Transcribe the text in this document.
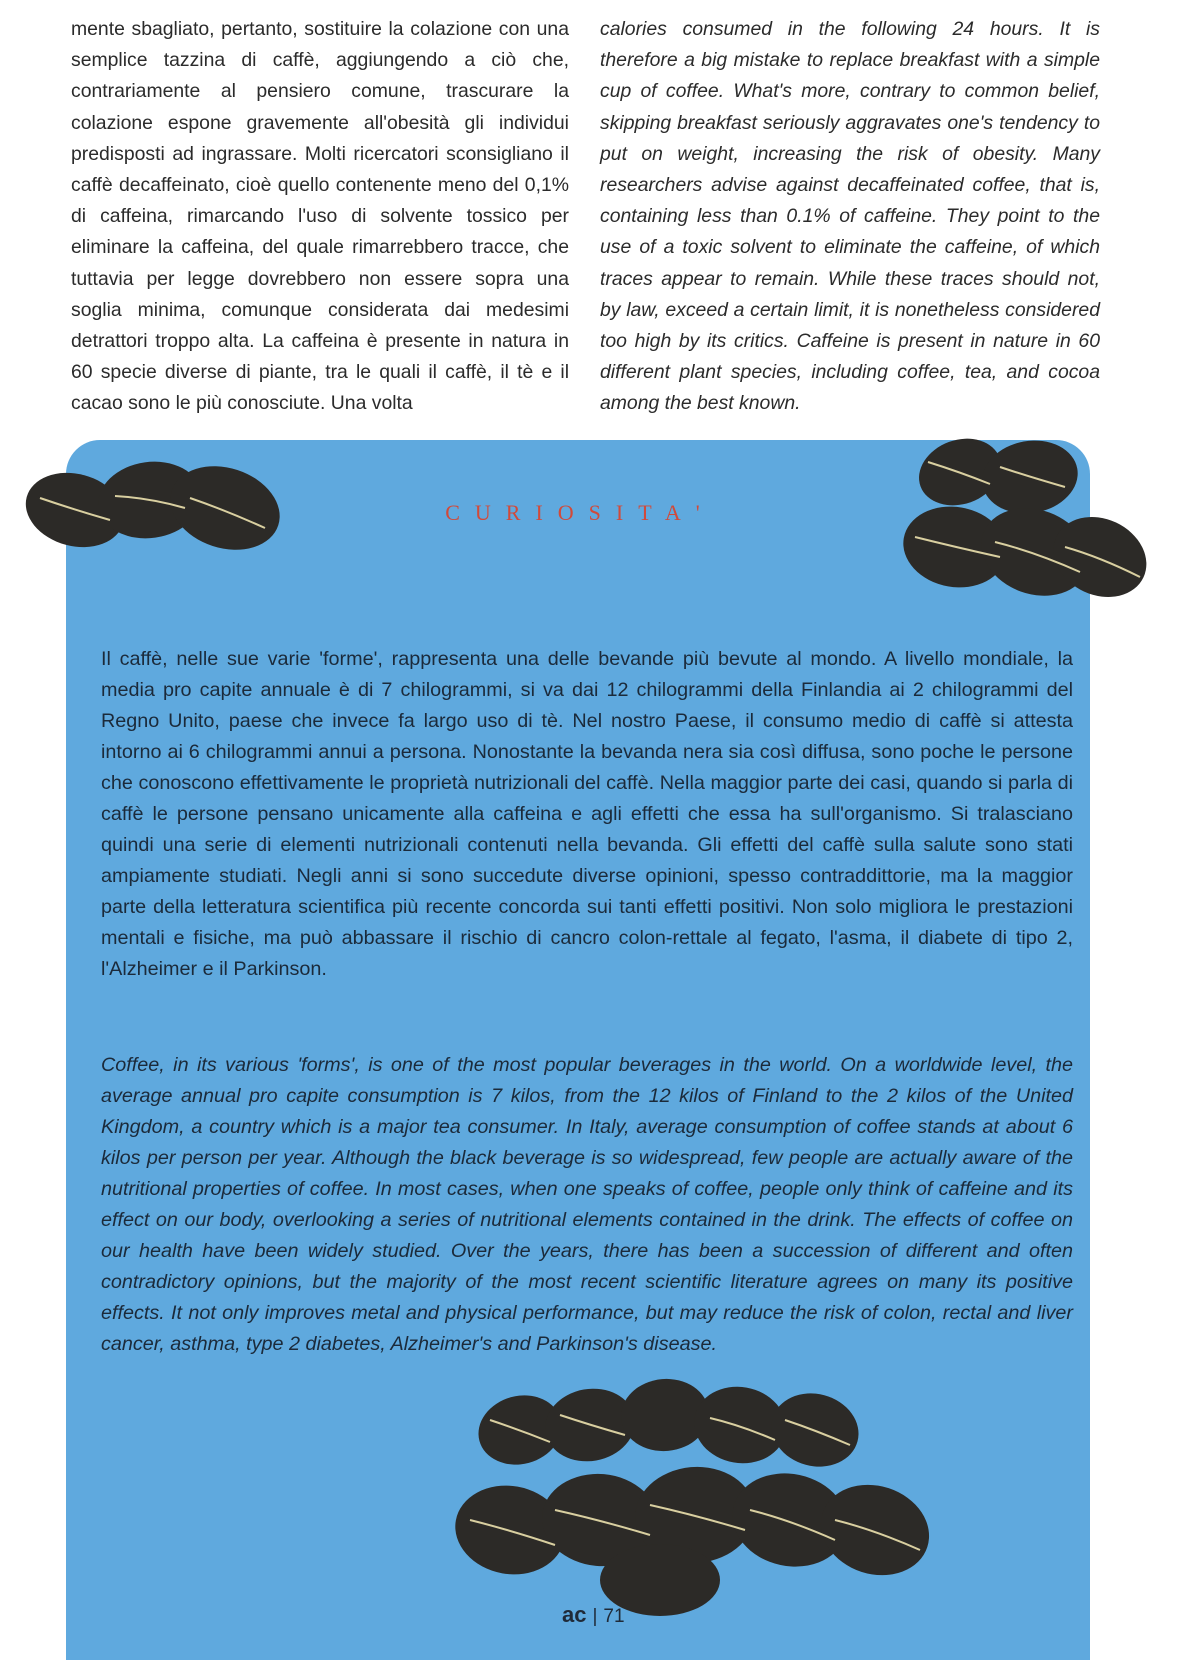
mente sbagliato, pertanto, sostituire la colazione con una semplice tazzina di caffè, aggiungendo a ciò che, contrariamente al pensiero comune, trascurare la colazione espone gravemente all'obesità gli individui predisposti ad ingrassare. Molti ricercatori sconsigliano il caffè decaffeinato, cioè quello contenente meno del 0,1% di caffeina, rimarcando l'uso di solvente tossico per eliminare la caffeina, del quale rimarrebbero tracce, che tuttavia per legge dovrebbero non essere sopra una soglia minima, comunque considerata dai medesimi detrattori troppo alta. La caffeina è presente in natura in 60 specie diverse di piante, tra le quali il caffè, il tè e il cacao sono le più conosciute. Una volta
calories consumed in the following 24 hours. It is therefore a big mistake to replace breakfast with a simple cup of coffee. What's more, contrary to common belief, skipping breakfast seriously aggravates one's tendency to put on weight, increasing the risk of obesity. Many researchers advise against decaffeinated coffee, that is, containing less than 0.1% of caffeine. They point to the use of a toxic solvent to eliminate the caffeine, of which traces appear to remain. While these traces should not, by law, exceed a certain limit, it is nonetheless considered too high by its critics. Caffeine is present in nature in 60 different plant species, including coffee, tea, and cocoa among the best known.
CURIOSITA'

Il caffè, nelle sue varie 'forme', rappresenta una delle bevande più bevute al mondo. A livello mondiale, la media pro capite annuale è di 7 chilogrammi, si va dai 12 chilogrammi della Finlandia ai 2 chilogrammi del Regno Unito, paese che invece fa largo uso di tè. Nel nostro Paese, il consumo medio di caffè si attesta intorno ai 6 chilogrammi annui a persona. Nonostante la bevanda nera sia così diffusa, sono poche le persone che conoscono effettivamente le proprietà nutrizionali del caffè. Nella maggior parte dei casi, quando si parla di caffè le persone pensano unicamente alla caffeina e agli effetti che essa ha sull'organismo. Si tralasciano quindi una serie di elementi nutrizionali contenuti nella bevanda. Gli effetti del caffè sulla salute sono stati ampiamente studiati. Negli anni si sono succedute diverse opinioni, spesso contraddittorie, ma la maggior parte della letteratura scientifica più recente concorda sui tanti effetti positivi. Non solo migliora le prestazioni mentali e fisiche, ma può abbassare il rischio di cancro colon-rettale al fegato, l'asma, il diabete di tipo 2, l'Alzheimer e il Parkinson.

Coffee, in its various 'forms', is one of the most popular beverages in the world. On a worldwide level, the average annual pro capite consumption is 7 kilos, from the 12 kilos of Finland to the 2 kilos of the United Kingdom, a country which is a major tea consumer. In Italy, average consumption of coffee stands at about 6 kilos per person per year. Although the black beverage is so widespread, few people are actually aware of the nutritional properties of coffee. In most cases, when one speaks of coffee, people only think of caffeine and its effect on our body, overlooking a series of nutritional elements contained in the drink. The effects of coffee on our health have been widely studied. Over the years, there has been a succession of different and often contradictory opinions, but the majority of the most recent scientific literature agrees on many its positive effects. It not only improves metal and physical performance, but may reduce the risk of colon, rectal and liver cancer, asthma, type 2 diabetes, Alzheimer's and Parkinson's disease.

ac | 71
